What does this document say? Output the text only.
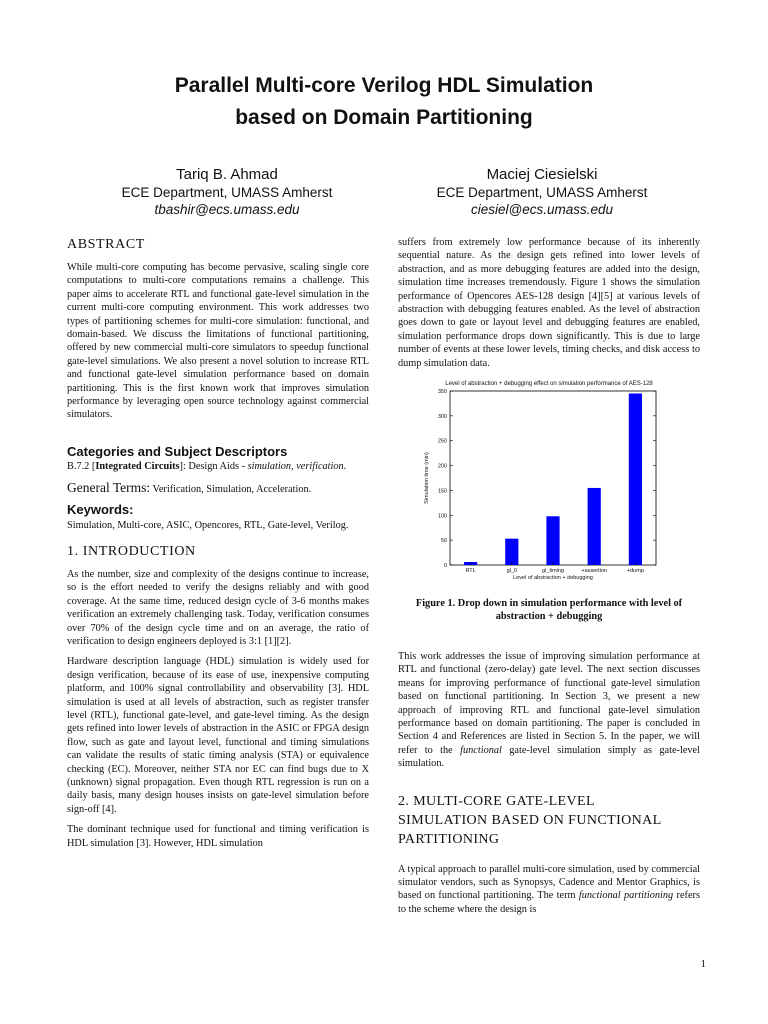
Parallel Multi-core Verilog HDL Simulation
based on Domain Partitioning
Tariq B. Ahmad
ECE Department, UMASS Amherst
tbashir@ecs.umass.edu
Maciej Ciesielski
ECE Department, UMASS Amherst
ciesiel@ecs.umass.edu
ABSTRACT

While multi-core computing has become pervasive, scaling single core computations to multi-core computations remains a challenge. This paper aims to accelerate RTL and functional gate-level simulation in the current multi-core computing environment. This work addresses two types of partitioning schemes for multi-core simulation: functional, and domain-based. We discuss the limitations of functional partitioning, offered by new commercial multi-core simulators to speedup functional gate-level simulations. We also present a novel solution to increase RTL and functional gate-level simulation performance based on domain partitioning. This is the first known work that improves simulation performance by leveraging open source technology against commercial simulators.

Categories and Subject Descriptors

B.7.2 [Integrated Circuits]: Design Aids - simulation, verification.

General Terms: Verification, Simulation, Acceleration.

Keywords:

Simulation, Multi-core, ASIC, Opencores, RTL, Gate-level, Verilog.

1. INTRODUCTION

As the number, size and complexity of the designs continue to increase, so is the effort needed to verify the designs reliably and with good coverage. At the same time, reduced design cycle of 3-6 months makes verification an extremely challenging task. Today, verification consumes over 70% of the design cycle time and on an average, the ratio of verification to design engineers deployed is 3:1 [1][2].

Hardware description language (HDL) simulation is widely used for design verification, because of its ease of use, inexpensive computing platform, and 100% signal controllability and observability [3]. HDL simulation is used at all levels of abstraction, such as register transfer level (RTL), functional gate-level, and gate-level timing. As the design gets refined into lower levels of abstraction in the ASIC or FPGA design flow, such as gate and layout level, functional and timing simulations can validate the results of static timing analysis (STA) or equivalence checking (EC). Moreover, neither STA nor EC can find bugs due to X (unknown) signal propagation. Even though RTL regression is run on a daily basis, many design houses insists on gate-level simulation before sign-off [4].

The dominant technique used for functional and timing verification is HDL simulation [3]. However, HDL simulation

suffers from extremely low performance because of its inherently sequential nature. As the design gets refined into lower levels of abstraction, and as more debugging features are added into the design, simulation time increases tremendously. Figure 1 shows the simulation performance of Opencores AES-128 design [4][5] at various levels of abstraction with debugging features enabled. As the level of abstraction goes down to gate or layout level and debugging features are enabled, simulation performance drops down significantly. This is due to large number of events at these lower levels, timing checks, and disk access to dump simulation data.

Level of abstraction + debugging effect on simulation performance of AES-128
0
50
100
150
200
250
300
350
RTL	gl_0	gl_timing	+assertion	+dump
Level of abstraction + debugging
Simulation time (min)
Figure 1. Drop down in simulation performance with level of
abstraction + debugging

This work addresses the issue of improving simulation performance at RTL and functional (zero-delay) gate level. The next section discusses means for improving performance of functional gate-level simulation based on functional partitioning. In Section 3, we present a new approach of improving RTL and functional gate-level simulation performance based on domain partitioning. The paper is concluded in Section 4 and References are listed in Section 5. In the paper, we will refer to the functional gate-level simulation simply as gate-level simulation.

2. MULTI-CORE GATE-LEVEL
SIMULATION BASED ON FUNCTIONAL
PARTITIONING

A typical approach to parallel multi-core simulation, used by commercial simulator vendors, such as Synopsys, Cadence and Mentor Graphics, is based on functional partitioning. The term functional partitioning refers to the scheme where the design is

1
